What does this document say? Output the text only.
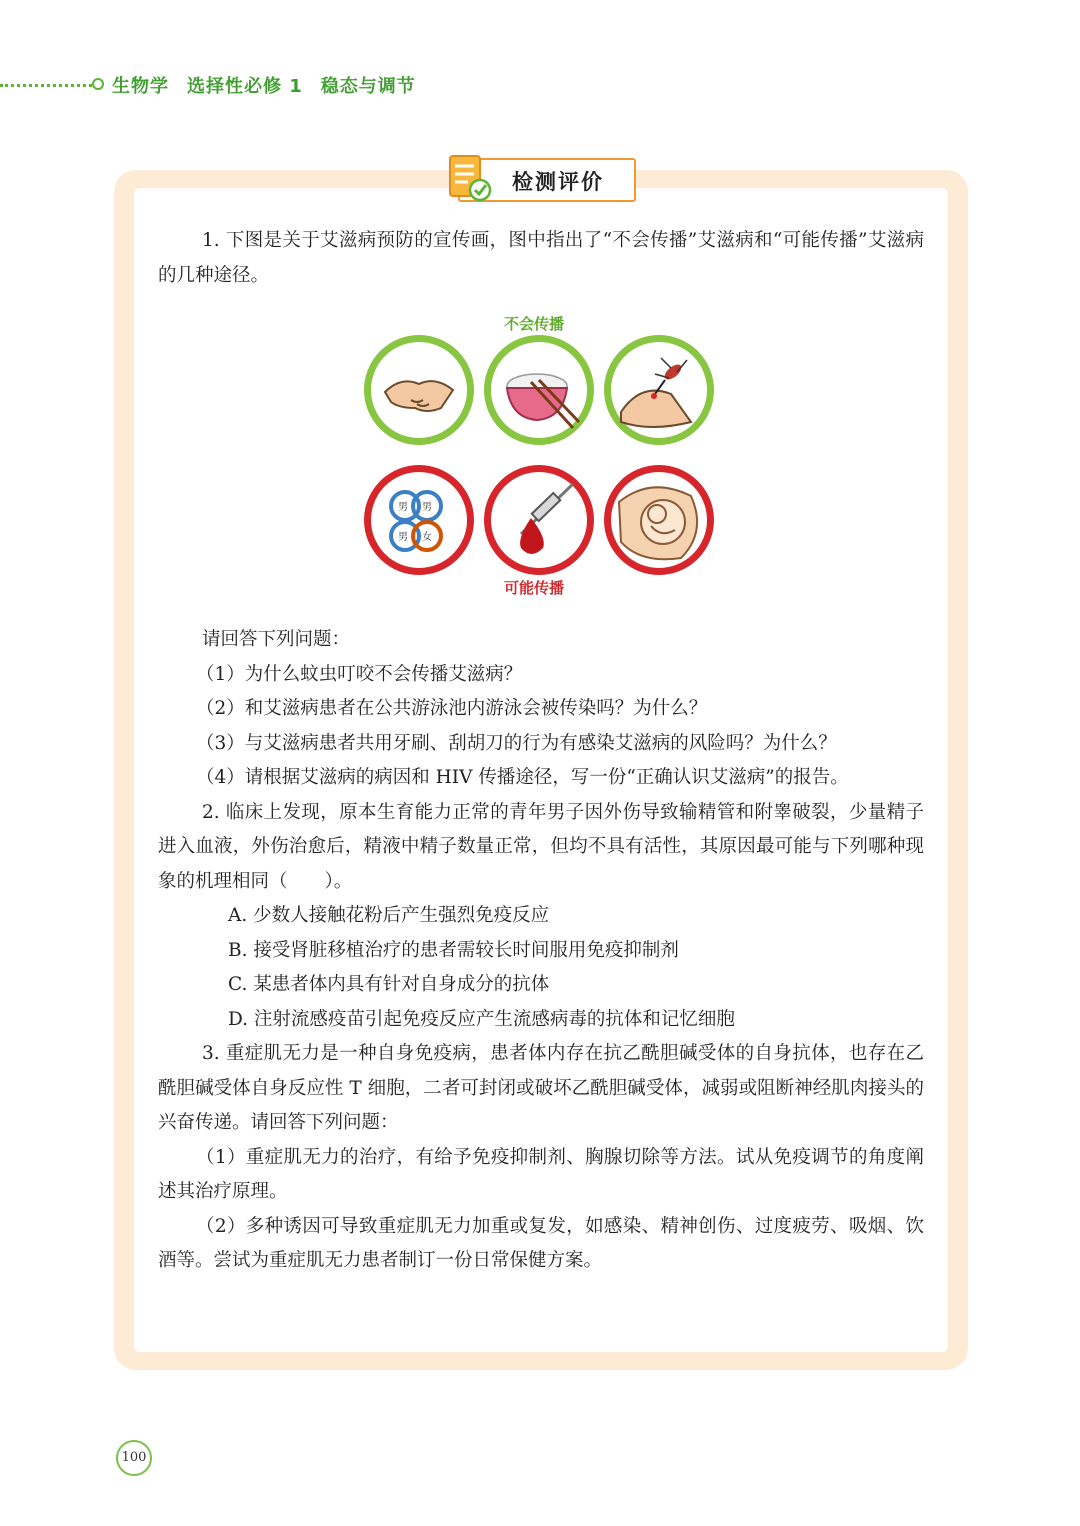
生物学 选择性必修 1 稳态与调节
检测评价
不会传播
男 男
男 女
可能传播

1. 下图是关于艾滋病预防的宣传画，图中指出了“不会传播”艾滋病和“可能传播”艾滋病的几种途径。

请回答下列问题：

（1）为什么蚊虫叮咬不会传播艾滋病？

（2）和艾滋病患者在公共游泳池内游泳会被传染吗？为什么？

（3）与艾滋病患者共用牙刷、刮胡刀的行为有感染艾滋病的风险吗？为什么？

（4）请根据艾滋病的病因和 HIV 传播途径，写一份“正确认识艾滋病”的报告。

2. 临床上发现，原本生育能力正常的青年男子因外伤导致输精管和附睾破裂，少量精子进入血液，外伤治愈后，精液中精子数量正常，但均不具有活性，其原因最可能与下列哪种现象的机理相同（　　）。

A. 少数人接触花粉后产生强烈免疫反应

B. 接受肾脏移植治疗的患者需较长时间服用免疫抑制剂

C. 某患者体内具有针对自身成分的抗体

D. 注射流感疫苗引起免疫反应产生流感病毒的抗体和记忆细胞

3. 重症肌无力是一种自身免疫病，患者体内存在抗乙酰胆碱受体的自身抗体，也存在乙酰胆碱受体自身反应性 T 细胞，二者可封闭或破坏乙酰胆碱受体，减弱或阻断神经肌肉接头的兴奋传递。请回答下列问题：

（1）重症肌无力的治疗，有给予免疫抑制剂、胸腺切除等方法。试从免疫调节的角度阐述其治疗原理。

（2）多种诱因可导致重症肌无力加重或复发，如感染、精神创伤、过度疲劳、吸烟、饮酒等。尝试为重症肌无力患者制订一份日常保健方案。

100
